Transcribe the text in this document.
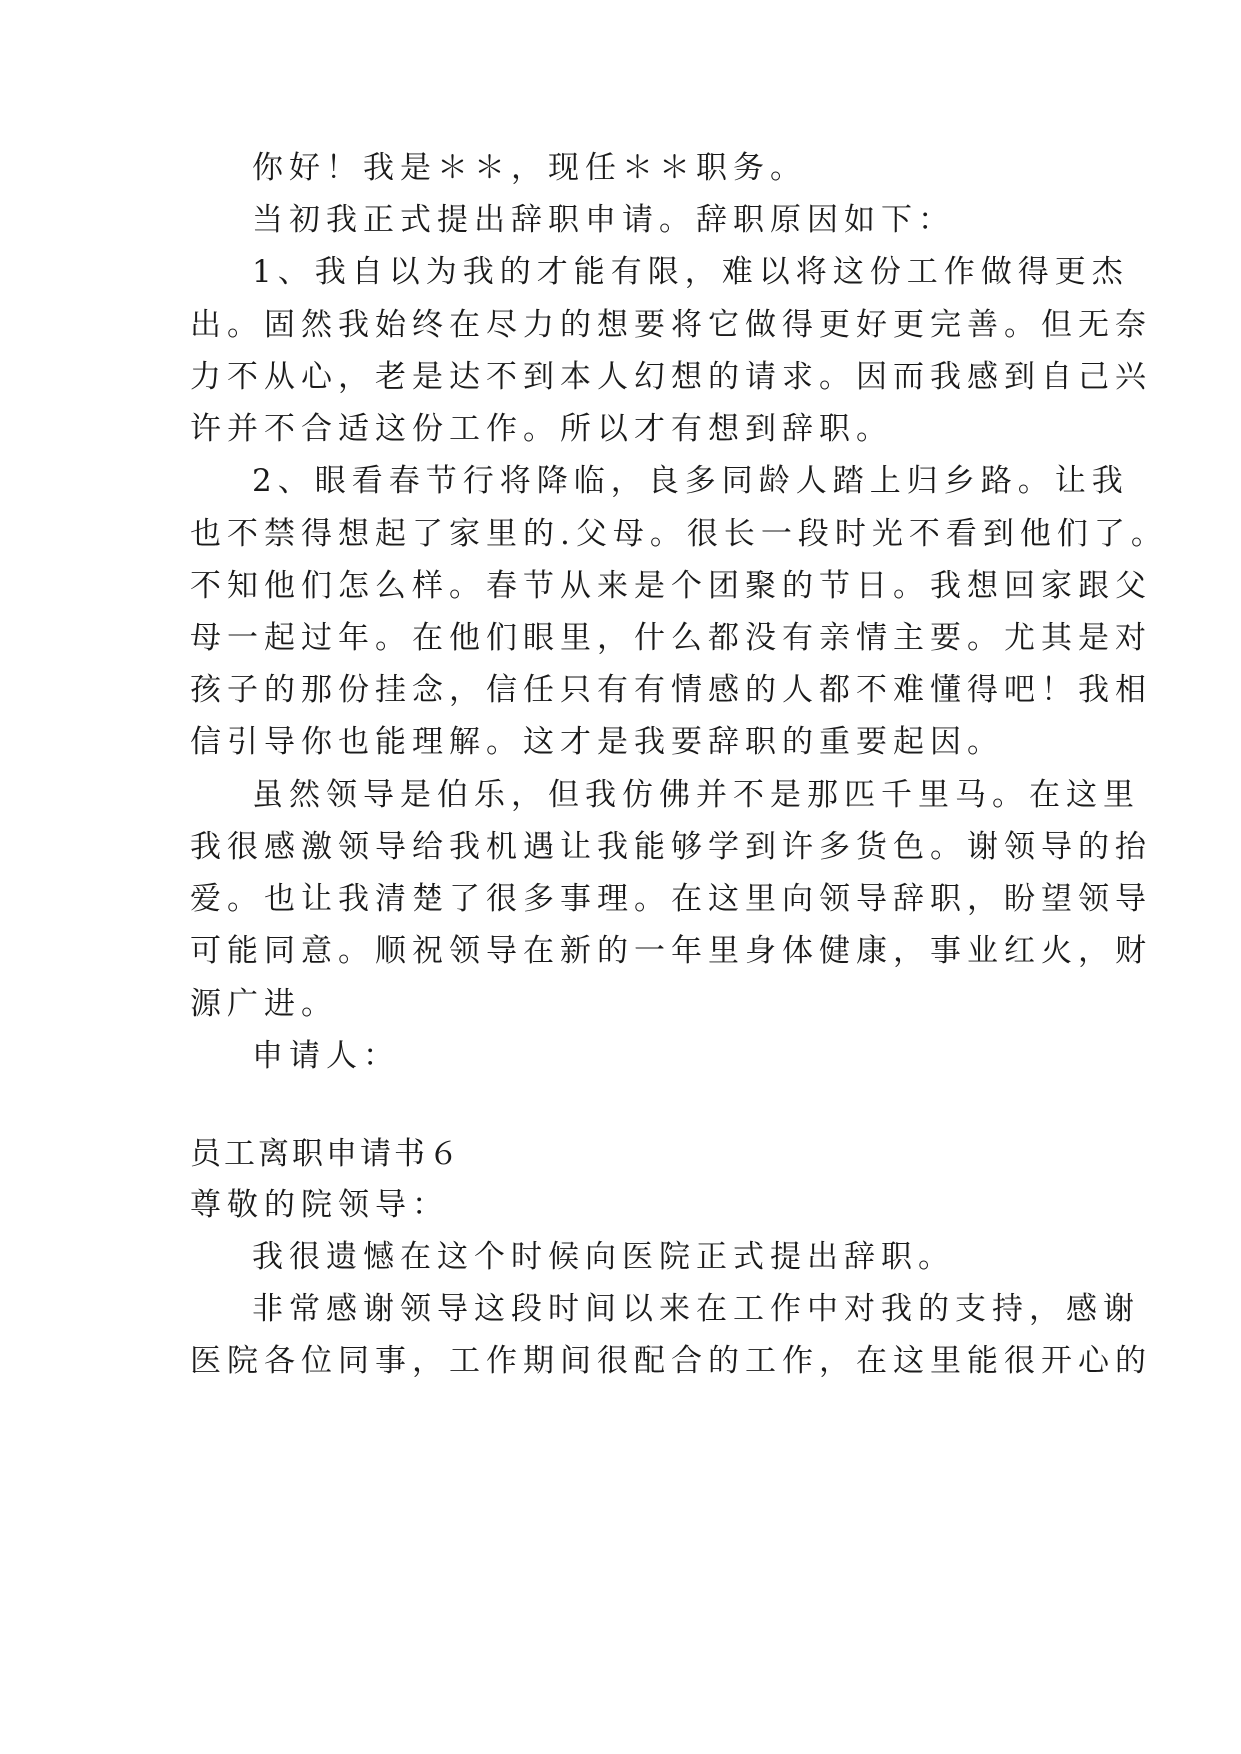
你好！我是＊＊，现任＊＊职务。
当初我正式提出辞职申请。辞职原因如下：
1、我自以为我的才能有限，难以将这份工作做得更杰
出。固然我始终在尽力的想要将它做得更好更完善。但无奈
力不从心，老是达不到本人幻想的请求。因而我感到自己兴
许并不合适这份工作。所以才有想到辞职。
2、眼看春节行将降临，良多同龄人踏上归乡路。让我
也不禁得想起了家里的.父母。很长一段时光不看到他们了。
不知他们怎么样。春节从来是个团聚的节日。我想回家跟父
母一起过年。在他们眼里，什么都没有亲情主要。尤其是对
孩子的那份挂念，信任只有有情感的人都不难懂得吧！我相
信引导你也能理解。这才是我要辞职的重要起因。
虽然领导是伯乐，但我仿佛并不是那匹千里马。在这里
我很感激领导给我机遇让我能够学到许多货色。谢领导的抬
爱。也让我清楚了很多事理。在这里向领导辞职，盼望领导
可能同意。顺祝领导在新的一年里身体健康，事业红火，财
源广进。
申请人：
员工离职申请书６
尊敬的院领导：
我很遗憾在这个时候向医院正式提出辞职。
非常感谢领导这段时间以来在工作中对我的支持，感谢
医院各位同事，工作期间很配合的工作，在这里能很开心的
